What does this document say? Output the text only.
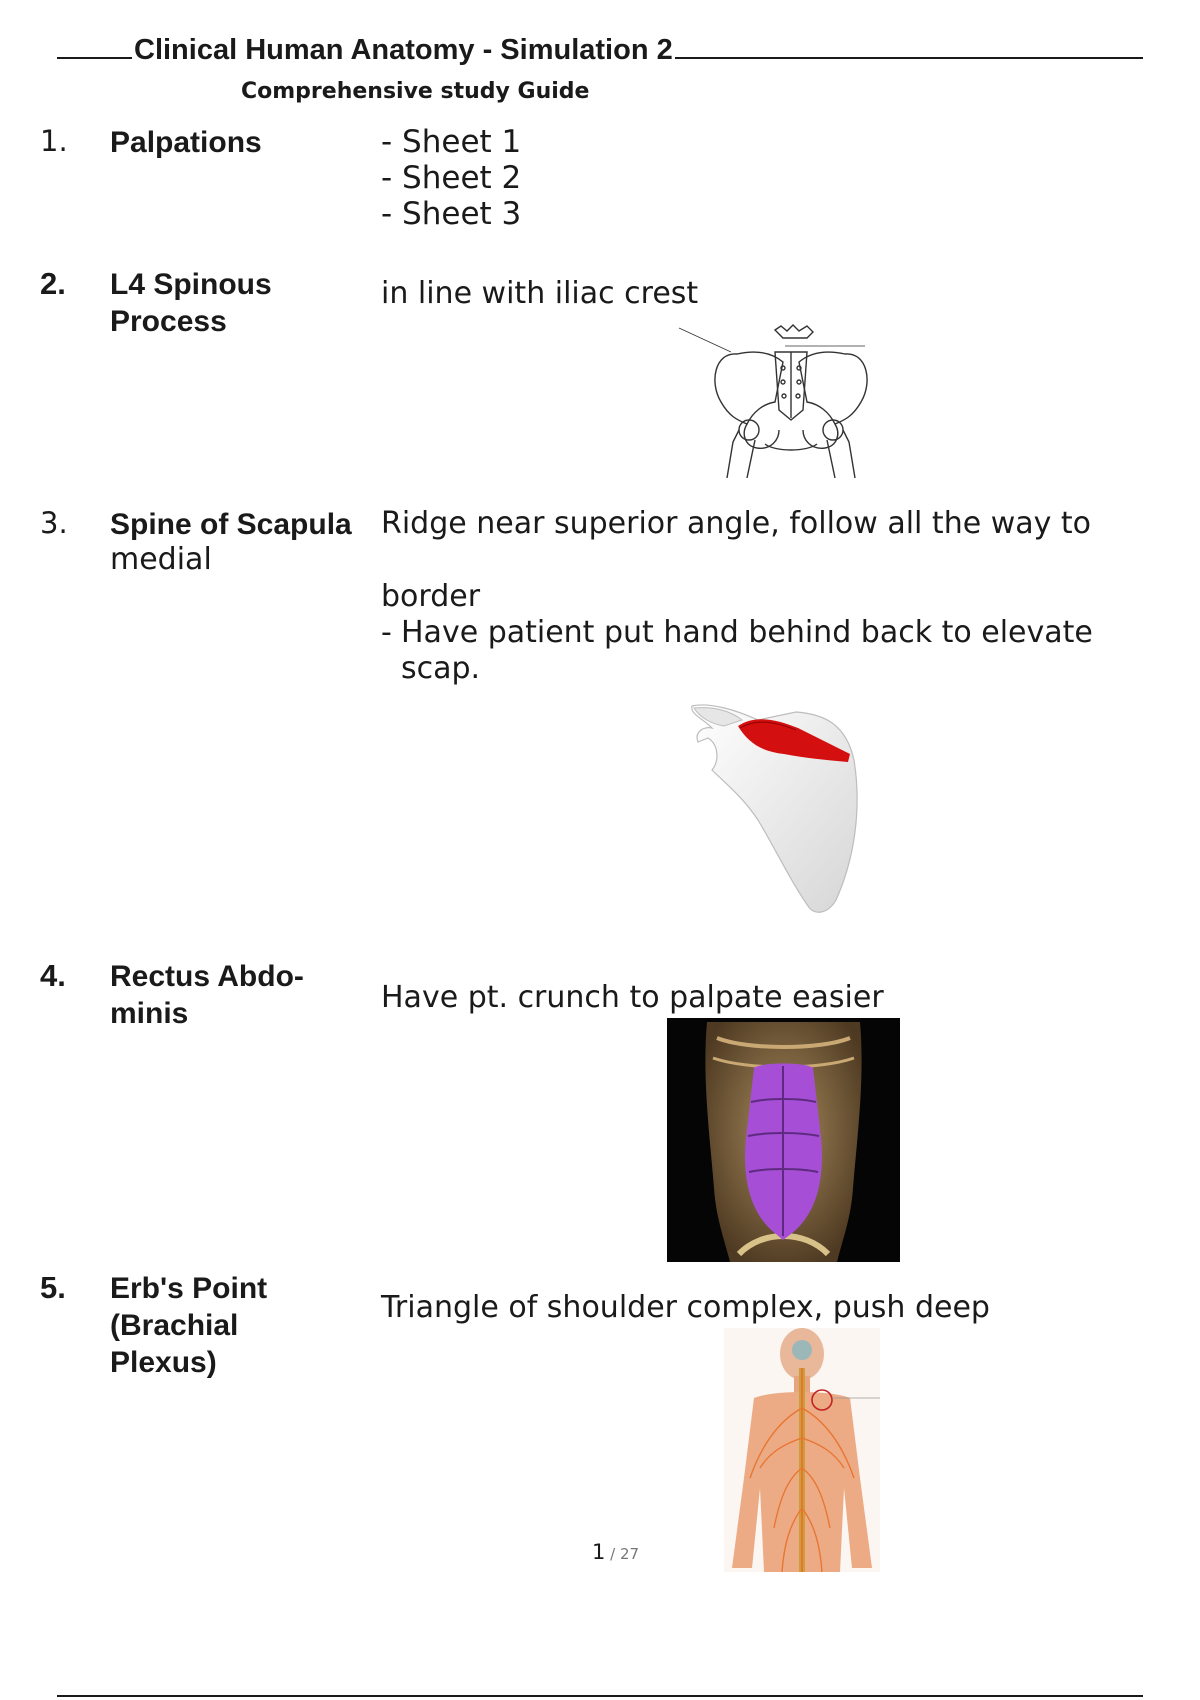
Clinical Human Anatomy - Simulation 2
Comprehensive study Guide
1. Palpations	- Sheet 1
- Sheet 2
- Sheet 3
2. L4 Spinous
Process
in line with iliac crest
3. Spine of Scapula Ridge near superior angle, follow all the way to
medial
border
- Have patient put hand behind back to elevate
scap.
4. Rectus Abdo-
minis	Have pt. crunch to palpate easier
5. Erb's Point
(Brachial
Plexus)
Triangle of shoulder complex, push deep
1 / 27
